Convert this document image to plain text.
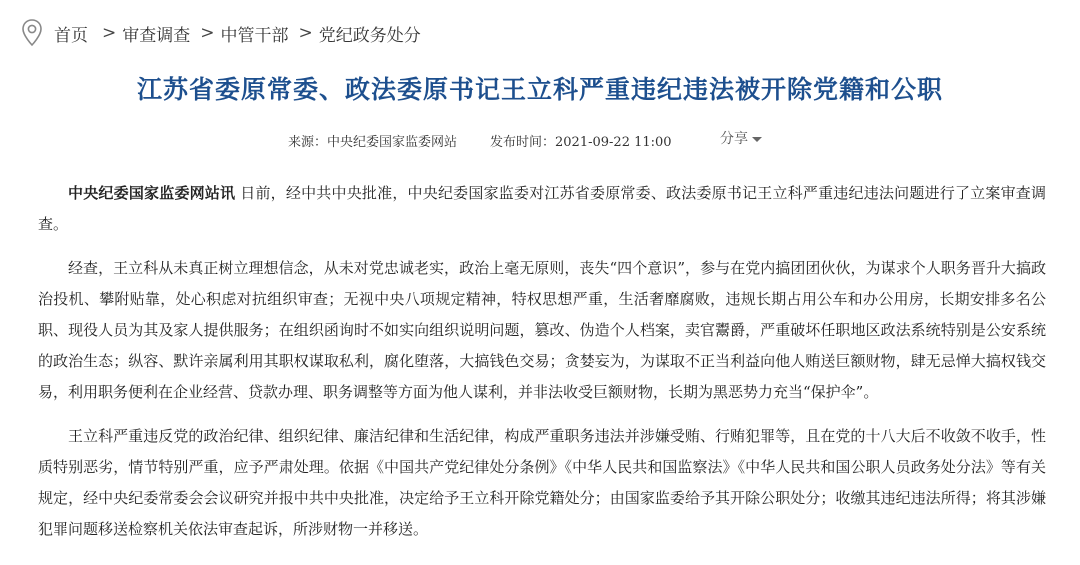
首页 > 审查调查 > 中管干部 > 党纪政务处分
江苏省委原常委、政法委原书记王立科严重违纪违法被开除党籍和公职
来源：中央纪委国家监委网站	发布时间：2021-09-22 11:00	分享

中央纪委国家监委网站讯 日前，经中共中央批准，中央纪委国家监委对江苏省委原常委、政法委原书记王立科严重违纪违法问题进行了立案审查调查。

经查，王立科从未真正树立理想信念，从未对党忠诚老实，政治上毫无原则，丧失“四个意识”，参与在党内搞团团伙伙，为谋求个人职务晋升大搞政治投机、攀附贴靠，处心积虑对抗组织审查；无视中央八项规定精神，特权思想严重，生活奢靡腐败，违规长期占用公车和办公用房，长期安排多名公职、现役人员为其及家人提供服务；在组织函询时不如实向组织说明问题，篡改、伪造个人档案，卖官鬻爵，严重破坏任职地区政法系统特别是公安系统的政治生态；纵容、默许亲属利用其职权谋取私利，腐化堕落，大搞钱色交易；贪婪妄为，为谋取不正当利益向他人贿送巨额财物，肆无忌惮大搞权钱交易，利用职务便利在企业经营、贷款办理、职务调整等方面为他人谋利，并非法收受巨额财物，长期为黑恶势力充当“保护伞”。

王立科严重违反党的政治纪律、组织纪律、廉洁纪律和生活纪律，构成严重职务违法并涉嫌受贿、行贿犯罪等，且在党的十八大后不收敛不收手，性质特别恶劣，情节特别严重，应予严肃处理。依据《中国共产党纪律处分条例》《中华人民共和国监察法》《中华人民共和国公职人员政务处分法》等有关规定，经中央纪委常委会会议研究并报中共中央批准，决定给予王立科开除党籍处分；由国家监委给予其开除公职处分；收缴其违纪违法所得；将其涉嫌犯罪问题移送检察机关依法审查起诉，所涉财物一并移送。
